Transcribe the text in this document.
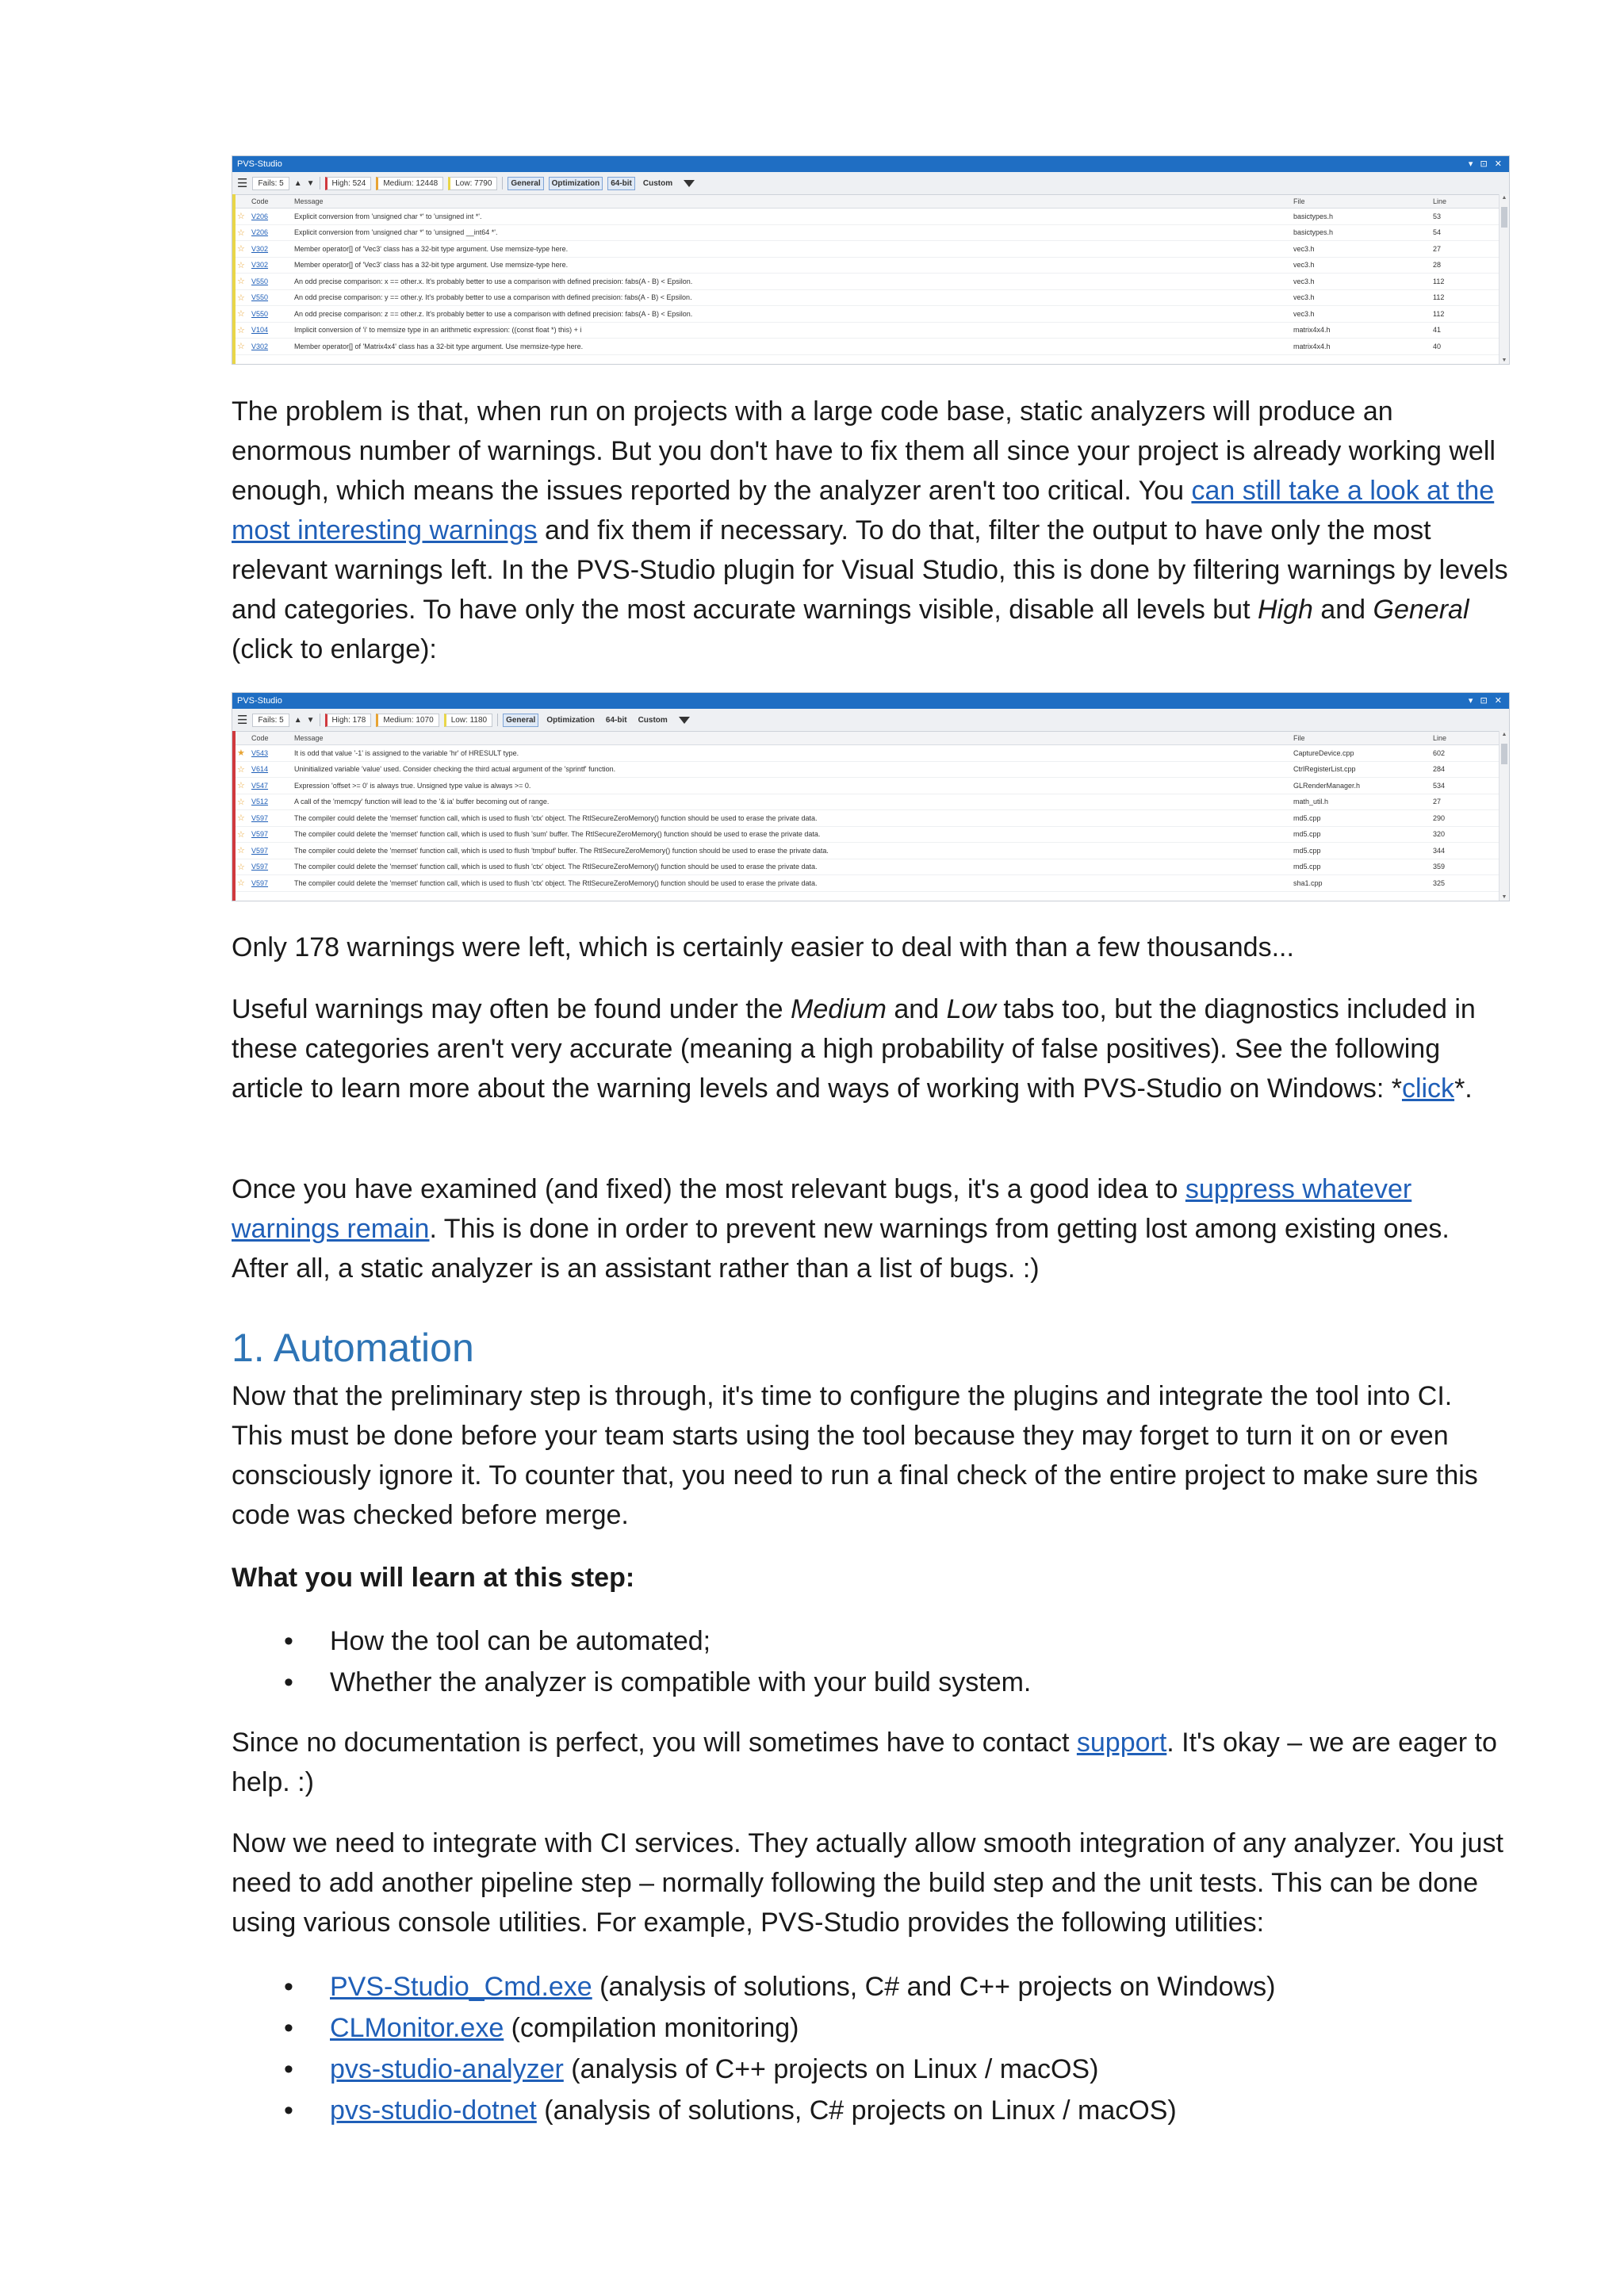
PVS-Studio	▾ ⊡ ✕
☰	Fails: 5	▲ ▼	High: 524	Medium: 12448	Low: 7790	General	Optimization	64-bit	Custom
	Code	Message	File	Line
☆	V206	Explicit conversion from 'unsigned char *' to 'unsigned int *'.	basictypes.h	53
☆	V206	Explicit conversion from 'unsigned char *' to 'unsigned __int64 *'.	basictypes.h	54
☆	V302	Member operator[] of 'Vec3' class has a 32-bit type argument. Use memsize-type here.	vec3.h	27
☆	V302	Member operator[] of 'Vec3' class has a 32-bit type argument. Use memsize-type here.	vec3.h	28
☆	V550	An odd precise comparison: x == other.x. It's probably better to use a comparison with defined precision: fabs(A - B) < Epsilon.	vec3.h	112
☆	V550	An odd precise comparison: y == other.y. It's probably better to use a comparison with defined precision: fabs(A - B) < Epsilon.	vec3.h	112
☆	V550	An odd precise comparison: z == other.z. It's probably better to use a comparison with defined precision: fabs(A - B) < Epsilon.	vec3.h	112
☆	V104	Implicit conversion of 'i' to memsize type in an arithmetic expression: ((const float *) this) + i	matrix4x4.h	41
☆	V302	Member operator[] of 'Matrix4x4' class has a 32-bit type argument. Use memsize-type here.	matrix4x4.h	40
▲
▼

The problem is that, when run on projects with a large code base, static analyzers will produce an enormous number of warnings. But you don't have to fix them all since your project is already working well enough, which means the issues reported by the analyzer aren't too critical. You can still take a look at the most interesting warnings and fix them if necessary. To do that, filter the output to have only the most relevant warnings left. In the PVS-Studio plugin for Visual Studio, this is done by filtering warnings by levels and categories. To have only the most accurate warnings visible, disable all levels but High and General (click to enlarge):

PVS-Studio	▾ ⊡ ✕
☰	Fails: 5	▲ ▼	High: 178	Medium: 1070	Low: 1180	General	Optimization	64-bit	Custom
	Code	Message	File	Line
★	V543	It is odd that value '-1' is assigned to the variable 'hr' of HRESULT type.	CaptureDevice.cpp	602
☆	V614	Uninitialized variable 'value' used. Consider checking the third actual argument of the 'sprintf' function.	CtrlRegisterList.cpp	284
☆	V547	Expression 'offset >= 0' is always true. Unsigned type value is always >= 0.	GLRenderManager.h	534
☆	V512	A call of the 'memcpy' function will lead to the '& ia' buffer becoming out of range.	math_util.h	27
☆	V597	The compiler could delete the 'memset' function call, which is used to flush 'ctx' object. The RtlSecureZeroMemory() function should be used to erase the private data.	md5.cpp	290
☆	V597	The compiler could delete the 'memset' function call, which is used to flush 'sum' buffer. The RtlSecureZeroMemory() function should be used to erase the private data.	md5.cpp	320
☆	V597	The compiler could delete the 'memset' function call, which is used to flush 'tmpbuf' buffer. The RtlSecureZeroMemory() function should be used to erase the private data.	md5.cpp	344
☆	V597	The compiler could delete the 'memset' function call, which is used to flush 'ctx' object. The RtlSecureZeroMemory() function should be used to erase the private data.	md5.cpp	359
☆	V597	The compiler could delete the 'memset' function call, which is used to flush 'ctx' object. The RtlSecureZeroMemory() function should be used to erase the private data.	sha1.cpp	325
▲
▼

Only 178 warnings were left, which is certainly easier to deal with than a few thousands...

Useful warnings may often be found under the Medium and Low tabs too, but the diagnostics included in these categories aren't very accurate (meaning a high probability of false positives). See the following article to learn more about the warning levels and ways of working with PVS-Studio on Windows: *click*.

Once you have examined (and fixed) the most relevant bugs, it's a good idea to suppress whatever warnings remain. This is done in order to prevent new warnings from getting lost among existing ones. After all, a static analyzer is an assistant rather than a list of bugs. :)

1. Automation

Now that the preliminary step is through, it's time to configure the plugins and integrate the tool into CI. This must be done before your team starts using the tool because they may forget to turn it on or even consciously ignore it. To counter that, you need to run a final check of the entire project to make sure this code was checked before merge.

What you will learn at this step:

• How the tool can be automated;
• Whether the analyzer is compatible with your build system.

Since no documentation is perfect, you will sometimes have to contact support. It's okay – we are eager to help. :)

Now we need to integrate with CI services. They actually allow smooth integration of any analyzer. You just need to add another pipeline step – normally following the build step and the unit tests. This can be done using various console utilities. For example, PVS-Studio provides the following utilities:

• PVS-Studio_Cmd.exe (analysis of solutions, C# and C++ projects on Windows)
• CLMonitor.exe (compilation monitoring)
• pvs-studio-analyzer (analysis of C++ projects on Linux / macOS)
• pvs-studio-dotnet (analysis of solutions, C# projects on Linux / macOS)
